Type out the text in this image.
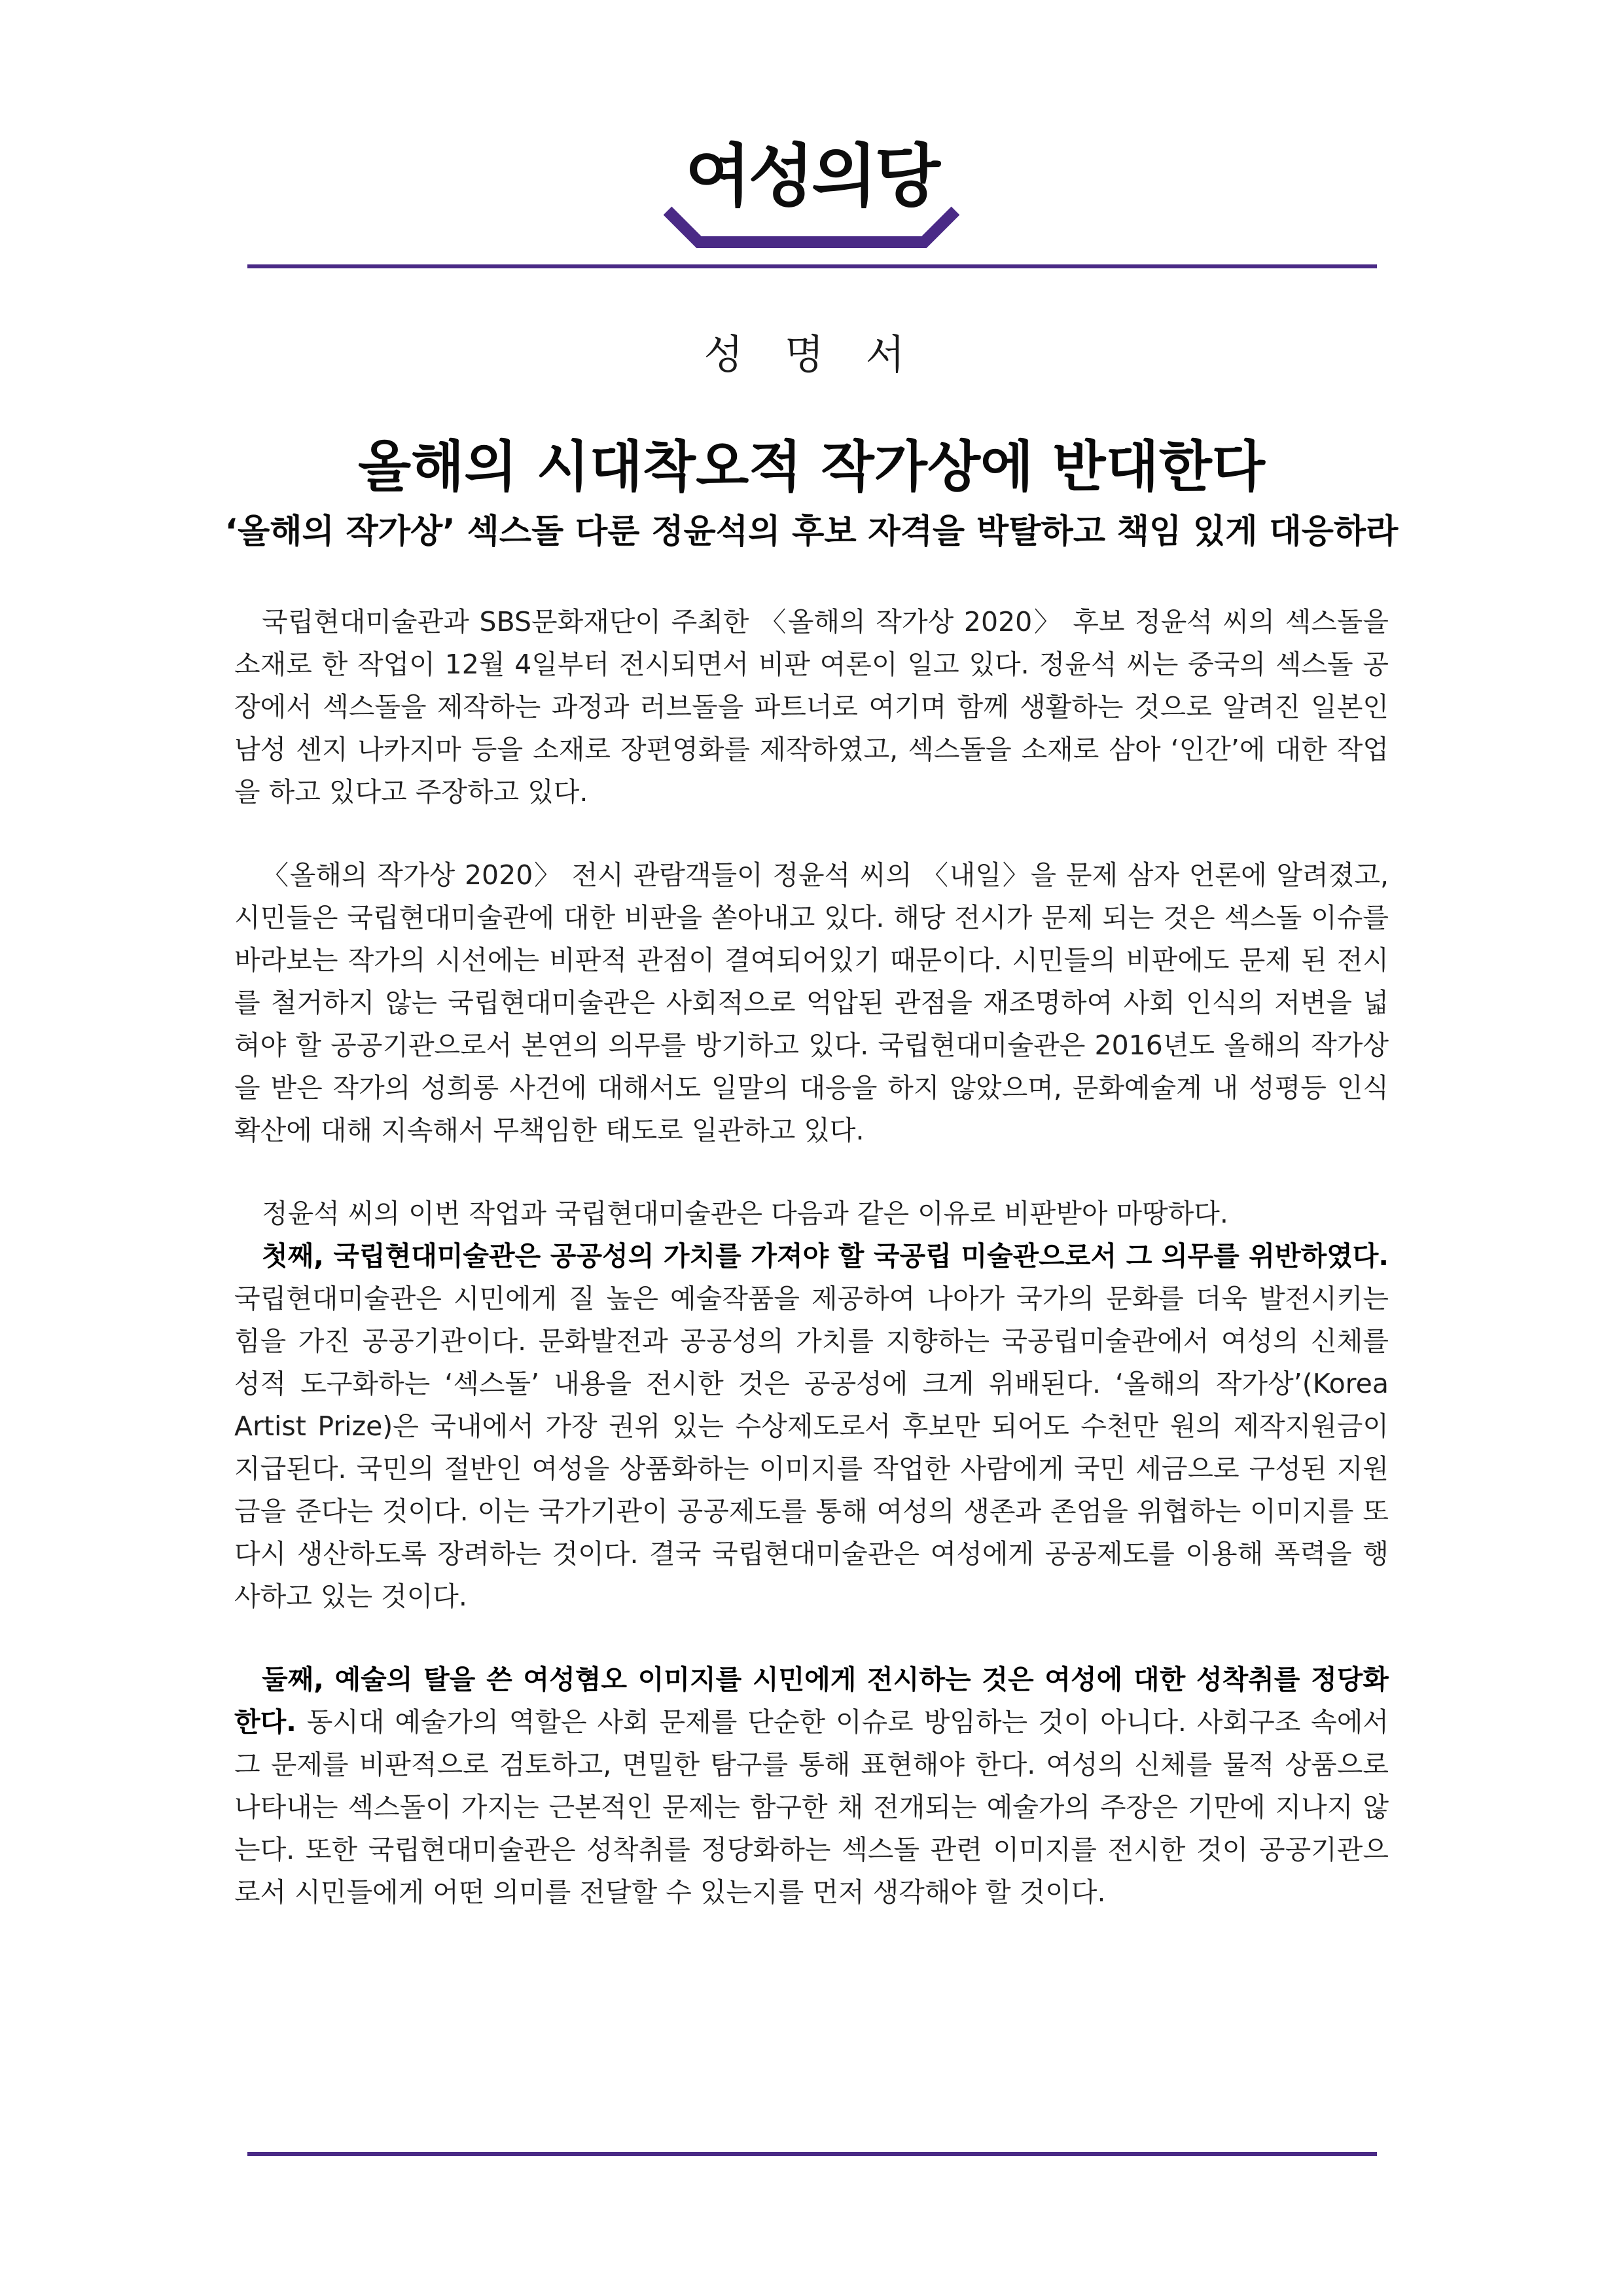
여성의당
성 명 서
올해의 시대착오적 작가상에 반대한다
‘올해의 작가상’ 섹스돌 다룬 정윤석의 후보 자격을 박탈하고 책임 있게 대응하라

국립현대미술관과 SBS문화재단이 주최한 〈올해의 작가상 2020〉 후보 정윤석 씨의 섹스돌을 소재로 한 작업이 12월 4일부터 전시되면서 비판 여론이 일고 있다. 정윤석 씨는 중국의 섹스돌 공장에서 섹스돌을 제작하는 과정과 러브돌을 파트너로 여기며 함께 생활하는 것으로 알려진 일본인 남성 센지 나카지마 등을 소재로 장편영화를 제작하였고, 섹스돌을 소재로 삼아 ‘인간’에 대한 작업을 하고 있다고 주장하고 있다.

〈올해의 작가상 2020〉 전시 관람객들이 정윤석 씨의 〈내일〉을 문제 삼자 언론에 알려졌고, 시민들은 국립현대미술관에 대한 비판을 쏟아내고 있다. 해당 전시가 문제 되는 것은 섹스돌 이슈를 바라보는 작가의 시선에는 비판적 관점이 결여되어있기 때문이다. 시민들의 비판에도 문제 된 전시를 철거하지 않는 국립현대미술관은 사회적으로 억압된 관점을 재조명하여 사회 인식의 저변을 넓혀야 할 공공기관으로서 본연의 의무를 방기하고 있다. 국립현대미술관은 2016년도 올해의 작가상을 받은 작가의 성희롱 사건에 대해서도 일말의 대응을 하지 않았으며, 문화예술계 내 성평등 인식 확산에 대해 지속해서 무책임한 태도로 일관하고 있다.

정윤석 씨의 이번 작업과 국립현대미술관은 다음과 같은 이유로 비판받아 마땅하다.

첫째, 국립현대미술관은 공공성의 가치를 가져야 할 국공립 미술관으로서 그 의무를 위반하였다. 국립현대미술관은 시민에게 질 높은 예술작품을 제공하여 나아가 국가의 문화를 더욱 발전시키는 힘을 가진 공공기관이다. 문화발전과 공공성의 가치를 지향하는 국공립미술관에서 여성의 신체를 성적 도구화하는 ‘섹스돌’ 내용을 전시한 것은 공공성에 크게 위배된다. ‘올해의 작가상’(Korea Artist Prize)은 국내에서 가장 권위 있는 수상제도로서 후보만 되어도 수천만 원의 제작지원금이 지급된다. 국민의 절반인 여성을 상품화하는 이미지를 작업한 사람에게 국민 세금으로 구성된 지원금을 준다는 것이다. 이는 국가기관이 공공제도를 통해 여성의 생존과 존엄을 위협하는 이미지를 또다시 생산하도록 장려하는 것이다. 결국 국립현대미술관은 여성에게 공공제도를 이용해 폭력을 행사하고 있는 것이다.

둘째, 예술의 탈을 쓴 여성혐오 이미지를 시민에게 전시하는 것은 여성에 대한 성착취를 정당화한다. 동시대 예술가의 역할은 사회 문제를 단순한 이슈로 방임하는 것이 아니다. 사회구조 속에서 그 문제를 비판적으로 검토하고, 면밀한 탐구를 통해 표현해야 한다. 여성의 신체를 물적 상품으로 나타내는 섹스돌이 가지는 근본적인 문제는 함구한 채 전개되는 예술가의 주장은 기만에 지나지 않는다. 또한 국립현대미술관은 성착취를 정당화하는 섹스돌 관련 이미지를 전시한 것이 공공기관으로서 시민들에게 어떤 의미를 전달할 수 있는지를 먼저 생각해야 할 것이다.
